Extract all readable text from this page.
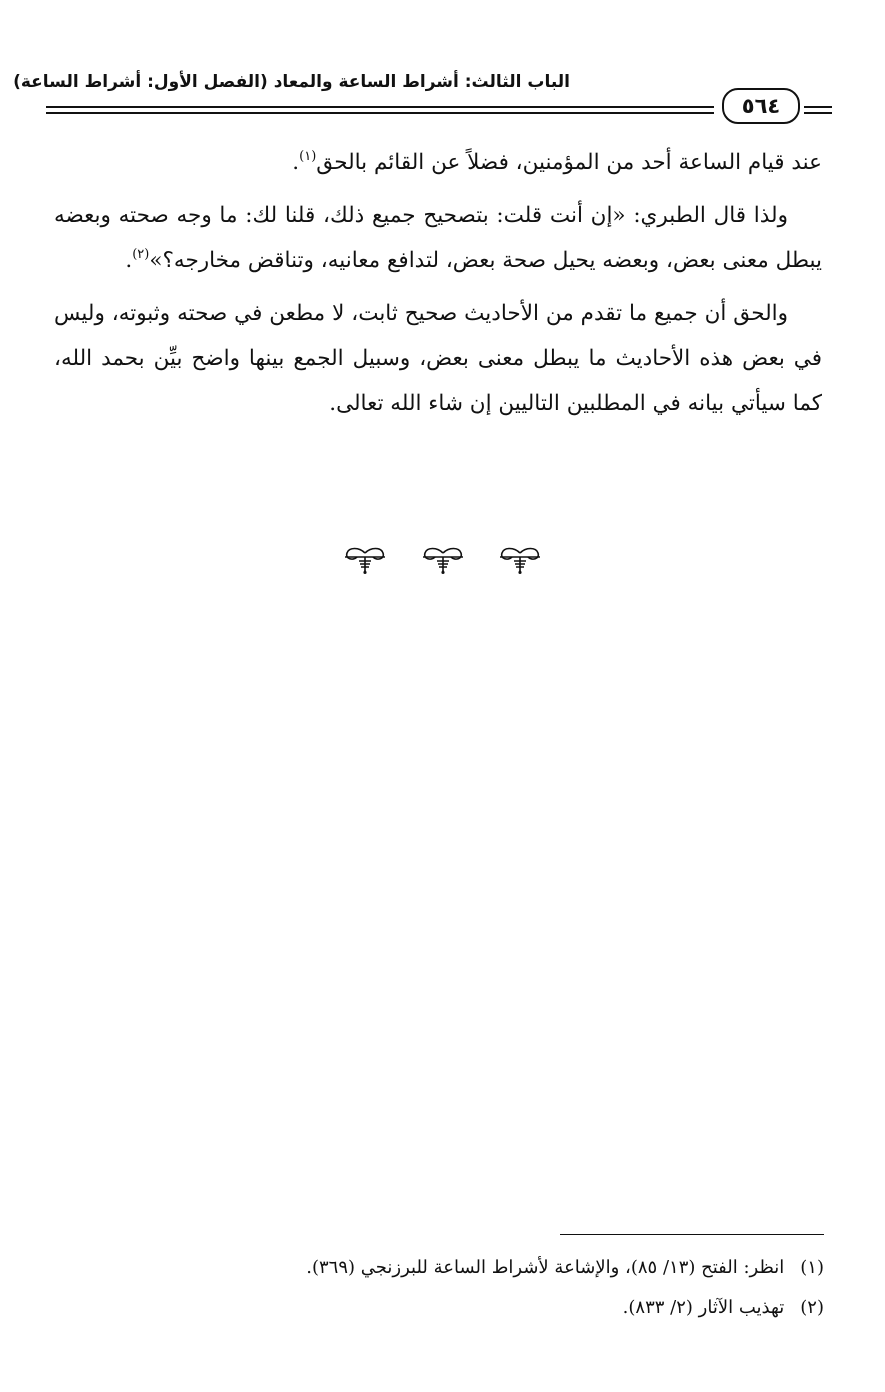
الباب الثالث: أشراط الساعة والمعاد (الفصل الأول: أشراط الساعة)
٥٦٤

عند قيام الساعة أحد من المؤمنين، فضلاً عن القائم بالحق$^{(١)}$.

ولذا قال الطبري: «إن أنت قلت: بتصحيح جميع ذلك، قلنا لك: ما وجه صحته وبعضه يبطل معنى بعض، وبعضه يحيل صحة بعض، لتدافع معانيه، وتناقض مخارجه؟»$^{(٢)}$.

والحق أن جميع ما تقدم من الأحاديث صحيح ثابت، لا مطعن في صحته وثبوته، وليس في بعض هذه الأحاديث ما يبطل معنى بعض، وسبيل الجمع بينها واضح بيِّن بحمد الله، كما سيأتي بيانه في المطلبين التاليين إن شاء الله تعالى.

(١)انظر: الفتح (١٣/ ٨٥)، والإشاعة لأشراط الساعة للبرزنجي (٣٦٩).
(٢)تهذيب الآثار (٢/ ٨٣٣).
